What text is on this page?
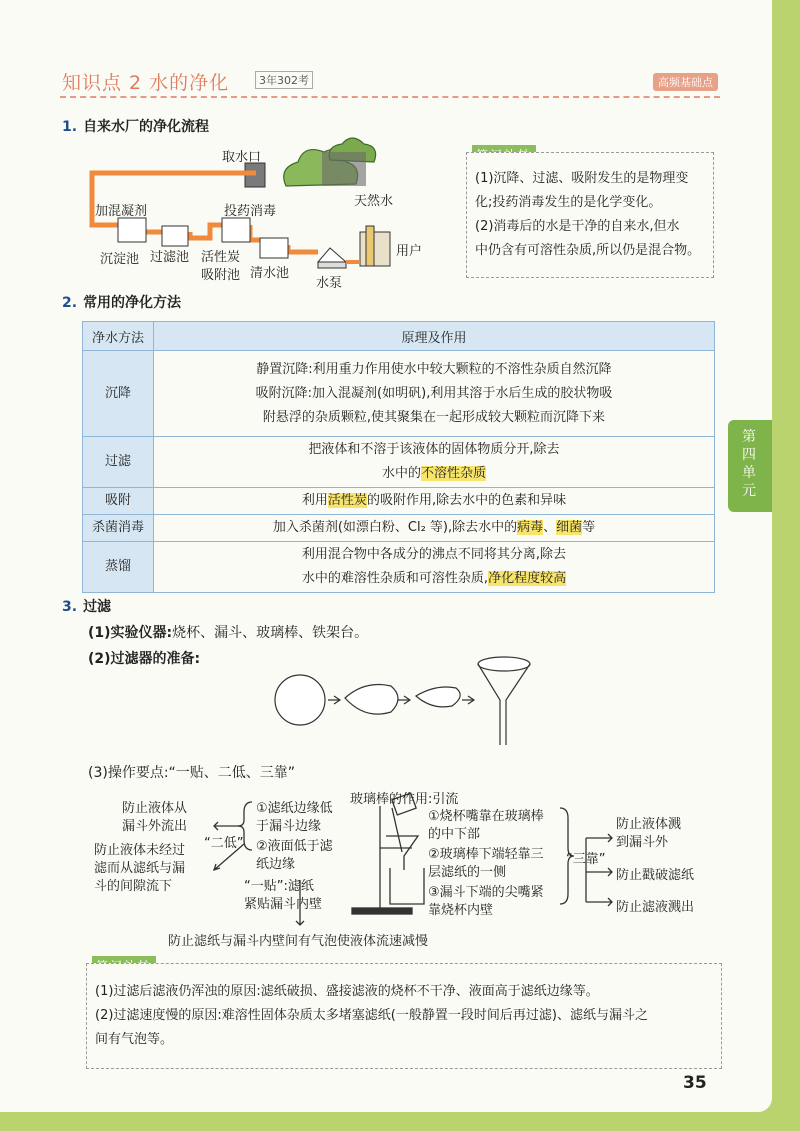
知识点 2 水的净化	3年302考	高频基础点
第四单元
1. 自来水厂的净化流程
取水口
天然水
加混凝剂	投药消毒
沉淀池 过滤池 活性炭
吸附池 清水池
水泵
用户

(1)沉降、过滤、吸附发生的是物理变

化;投药消毒发生的是化学变化。

(2)消毒后的水是干净的自来水,但水

中仍含有可溶性杂质,所以仍是混合物。

2. 常用的净化方法
净水方法	原理及作用
沉降	静置沉降:利用重力作用使水中较大颗粒的不溶性杂质自然沉降
吸附沉降:加入混凝剂(如明矾),利用其溶于水后生成的胶状物吸
附悬浮的杂质颗粒,使其聚集在一起形成较大颗粒而沉降下来

过滤	把液体和不溶于该液体的固体物质分开,除去
水中的不溶性杂质

吸附	利用活性炭的吸附作用,除去水中的色素和异味
杀菌消毒	加入杀菌剂(如漂白粉、Cl₂ 等),除去水中的病毒、细菌等
蒸馏	利用混合物中各成分的沸点不同将其分离,除去
水中的难溶性杂质和可溶性杂质,净化程度较高
3. 过滤
(1)实验仪器:烧杯、漏斗、玻璃棒、铁架台。
(2)过滤器的准备:
(3)操作要点:“一贴、二低、三靠”
玻璃棒的作用:引流
防止液体从
漏斗外流出
防止液体未经过
滤而从滤纸与漏
斗的间隙流下
“二低”
①滤纸边缘低
于漏斗边缘
②液面低于滤
纸边缘
“一贴”:滤纸
紧贴漏斗内壁
防止滤纸与漏斗内壁间有气泡使液体流速减慢
①烧杯嘴靠在玻璃棒
的中下部
②玻璃棒下端轻靠三
层滤纸的一侧
③漏斗下端的尖嘴紧
靠烧杯内壁
“三靠”
防止液体溅
到漏斗外
防止戳破滤纸
防止滤液溅出

(1)过滤后滤液仍浑浊的原因:滤纸破损、盛接滤液的烧杯不干净、液面高于滤纸边缘等。

(2)过滤速度慢的原因:难溶性固体杂质太多堵塞滤纸(一般静置一段时间后再过滤)、滤纸与漏斗之

间有气泡等。

35
